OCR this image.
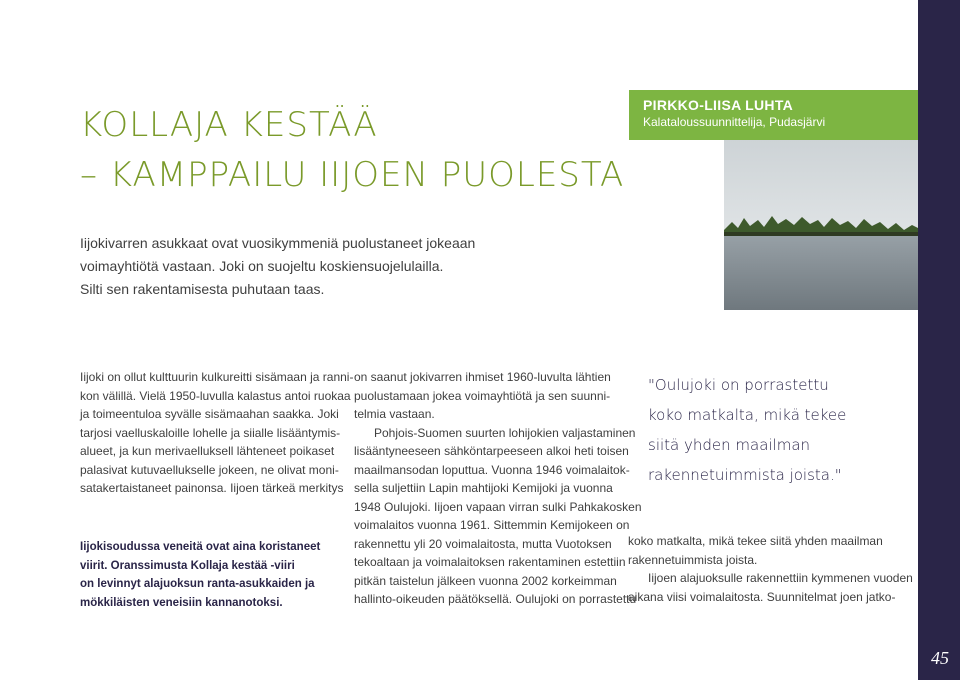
45
KOLLAJA KESTÄÄ
– KAMPPAILU IIJOEN PUOLESTA
PIRKKO-LIISA LUHTA
Kalataloussuunnittelija, Pudasjärvi
Iijokivarren asukkaat ovat vuosikymmeniä puolustaneet jokeaan
voimayhtiötä vastaan. Joki on suojeltu koskiensuojelulailla.
Silti sen rakentamisesta puhutaan taas.
Iijoki on ollut kulttuurin kulkureitti sisämaan ja ranni-
kon välillä. Vielä 1950-luvulla kalastus antoi ruokaa
ja toimeentuloa syvälle sisämaahan saakka. Joki
tarjosi vaelluskaloille lohelle ja siialle lisääntymis-
alueet, ja kun merivaelluksell lähteneet poikaset
palasivat kutuvaellukselle jokeen, ne olivat moni-
satakertaistaneet painonsa. Iijoen tärkeä merkitys
Iijokisoudussa veneitä ovat aina koristaneet
viirit. Oranssimusta Kollaja kestää -viiri
on levinnyt alajuoksun ranta-asukkaiden ja
mökkiläisten veneisiin kannanotoksi.
on saanut jokivarren ihmiset 1960-luvulta lähtien
puolustamaan jokea voimayhtiötä ja sen suunni-
telmia vastaan.
Pohjois-Suomen suurten lohijokien valjastaminen
lisääntyneeseen sähköntarpeeseen alkoi heti toisen
maailmansodan loputtua. Vuonna 1946 voimalaitok-
sella suljettiin Lapin mahtijoki Kemijoki ja vuonna
1948 Oulujoki. Iijoen vapaan virran sulki Pahkakosken
voimalaitos vuonna 1961. Sittemmin Kemijokeen on
rakennettu yli 20 voimalaitosta, mutta Vuotoksen
tekoaltaan ja voimalaitoksen rakentaminen estettiin
pitkän taistelun jälkeen vuonna 2002 korkeimman
hallinto-oikeuden päätöksellä. Oulujoki on porrastettu
"Oulujoki on porrastettu
koko matkalta, mikä tekee
siitä yhden maailman
rakennetuimmista joista."
koko matkalta, mikä tekee siitä yhden maailman
rakennetuimmista joista.
Iijoen alajuoksulle rakennettiin kymmenen vuoden
aikana viisi voimalaitosta. Suunnitelmat joen jatko-
